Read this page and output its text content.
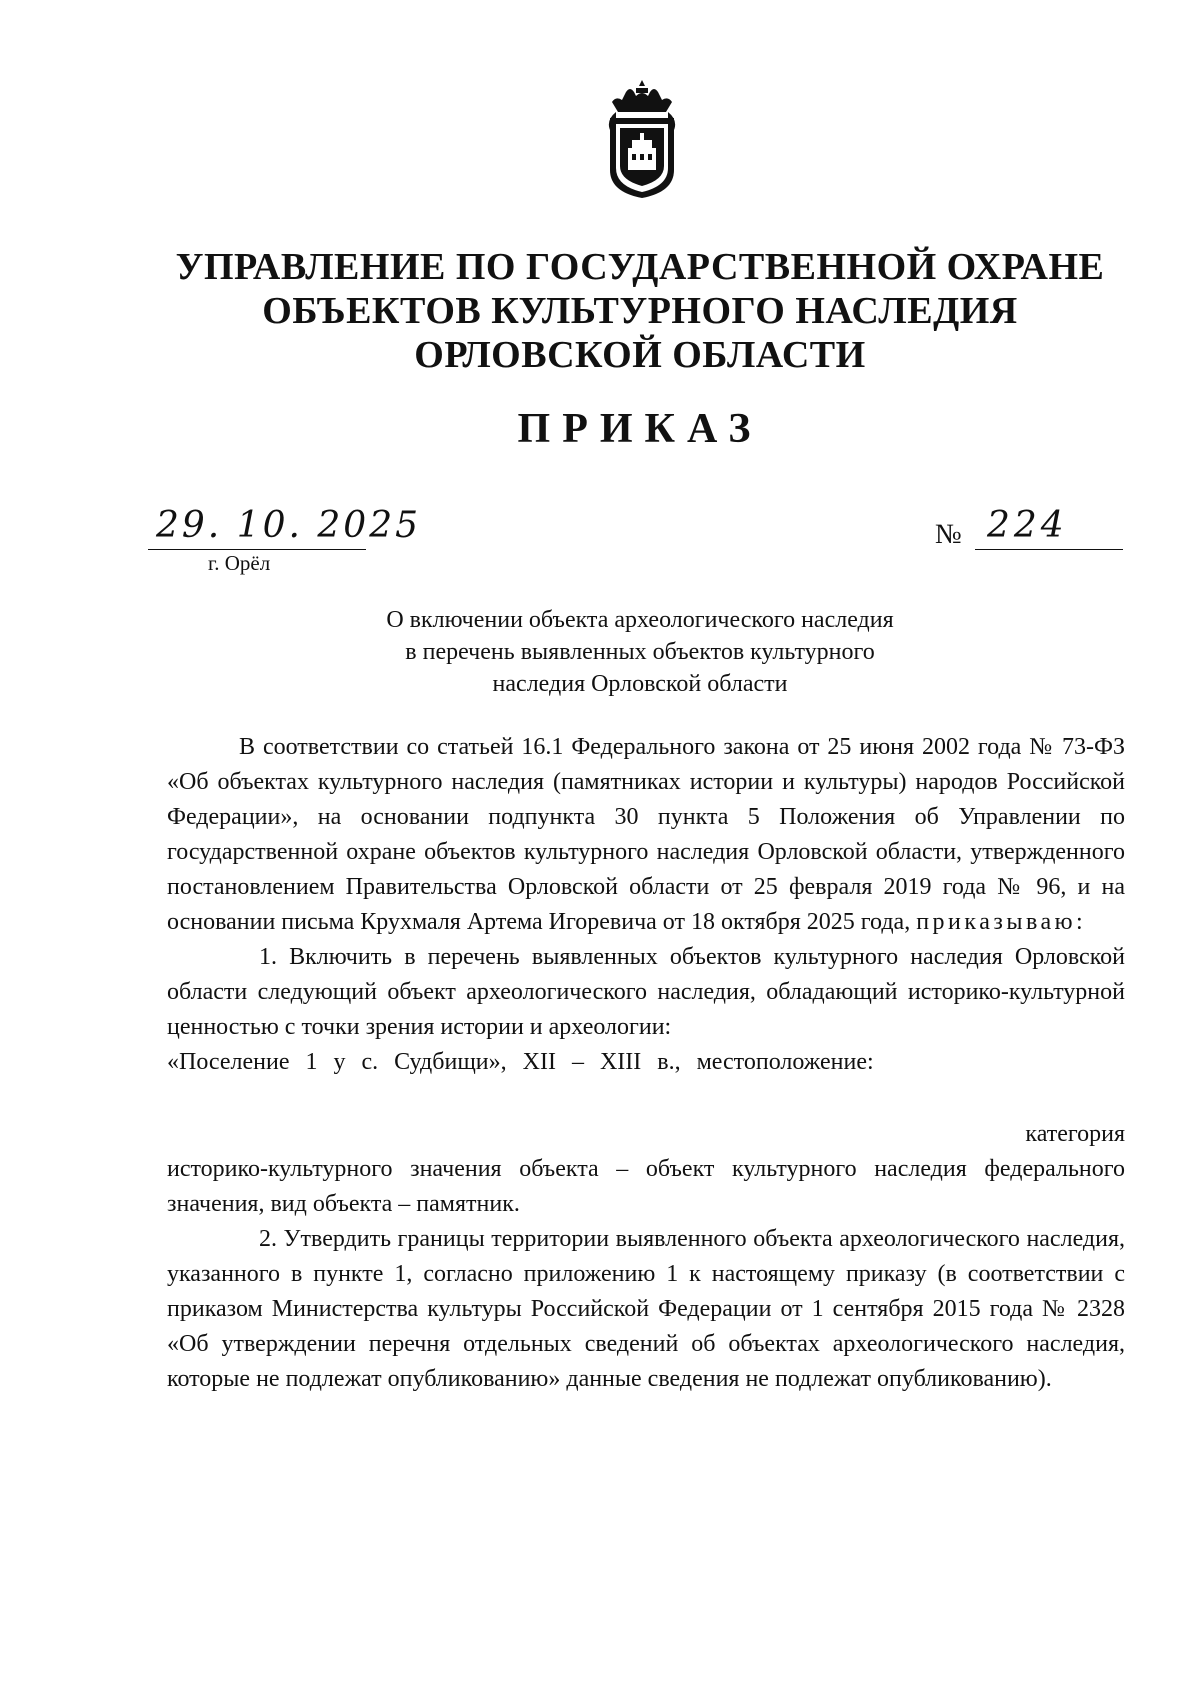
УПРАВЛЕНИЕ ПО ГОСУДАРСТВЕННОЙ ОХРАНЕ
ОБЪЕКТОВ КУЛЬТУРНОГО НАСЛЕДИЯ
ОРЛОВСКОЙ ОБЛАСТИ
ПРИКАЗ
29. 10. 2025
г. Орёл
№ 224
О включении объекта археологического наследия
в перечень выявленных объектов культурного
наследия Орловской области

В соответствии со статьей 16.1 Федерального закона от 25 июня 2002 года № 73-ФЗ «Об объектах культурного наследия (памятниках истории и культуры) народов Российской Федерации», на основании подпункта 30 пункта 5 Положения об Управлении по государственной охране объектов культурного наследия Орловской области, утвержденного постановлением Правительства Орловской области от 25 февраля 2019 года № 96, и на основании письма Крухмаля Артема Игоревича от 18 октября 2025 года, приказываю:

1. Включить в перечень выявленных объектов культурного наследия Орловской области следующий объект археологического наследия, обладающий историко-культурной ценностью с точки зрения истории и археологии:

«Поселение 1 у с. Судбищи», XII – XIII в., местоположение:

категория

историко-культурного значения объекта – объект культурного наследия федерального значения, вид объекта – памятник.

2. Утвердить границы территории выявленного объекта археологического наследия, указанного в пункте 1, согласно приложению 1 к настоящему приказу (в соответствии с приказом Министерства культуры Российской Федерации от 1 сентября 2015 года № 2328 «Об утверждении перечня отдельных сведений об объектах археологического наследия, которые не подлежат опубликованию» данные сведения не подлежат опубликованию).
